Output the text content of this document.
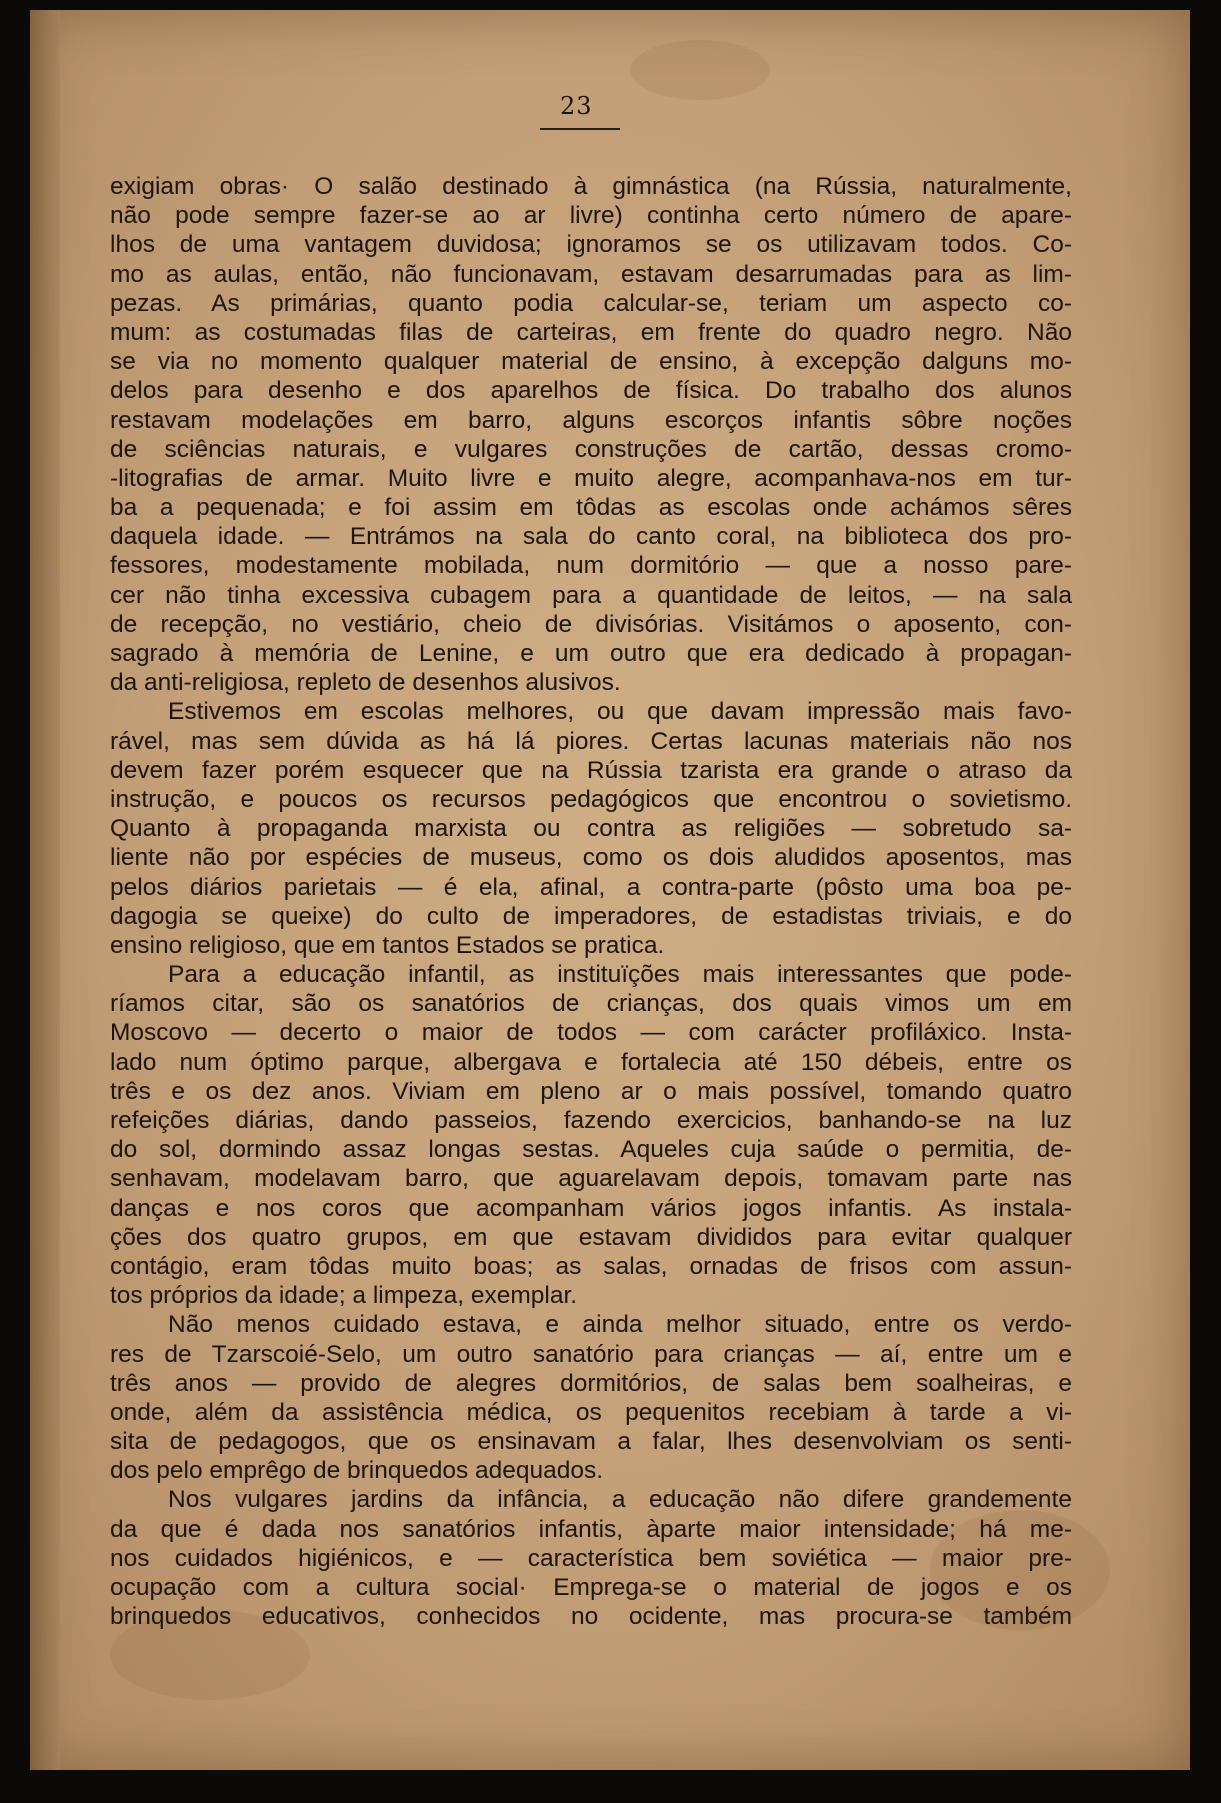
23
exigiam obras· O salão destinado à gimnástica (na Rússia, naturalmente,
não pode sempre fazer-se ao ar livre) continha certo número de apare-
lhos de uma vantagem duvidosa; ignoramos se os utilizavam todos. Co-
mo as aulas, então, não funcionavam, estavam desarrumadas para as lim-
pezas. As primárias, quanto podia calcular-se, teriam um aspecto co-
mum: as costumadas filas de carteiras, em frente do quadro negro. Não
se via no momento qualquer material de ensino, à excepção dalguns mo-
delos para desenho e dos aparelhos de física. Do trabalho dos alunos
restavam modelações em barro, alguns escorços infantis sôbre noções
de sciências naturais, e vulgares construções de cartão, dessas cromo-
-litografias de armar. Muito livre e muito alegre, acompanhava-nos em tur-
ba a pequenada; e foi assim em tôdas as escolas onde achámos sêres
daquela idade. — Entrámos na sala do canto coral, na biblioteca dos pro-
fessores, modestamente mobilada, num dormitório — que a nosso pare-
cer não tinha excessiva cubagem para a quantidade de leitos, — na sala
de recepção, no vestiário, cheio de divisórias. Visitámos o aposento, con-
sagrado à memória de Lenine, e um outro que era dedicado à propagan-
da anti-religiosa, repleto de desenhos alusivos.
Estivemos em escolas melhores, ou que davam impressão mais favo-
rável, mas sem dúvida as há lá piores. Certas lacunas materiais não nos
devem fazer porém esquecer que na Rússia tzarista era grande o atraso da
instrução, e poucos os recursos pedagógicos que encontrou o sovietismo.
Quanto à propaganda marxista ou contra as religiões — sobretudo sa-
liente não por espécies de museus, como os dois aludidos aposentos, mas
pelos diários parietais — é ela, afinal, a contra-parte (pôsto uma boa pe-
dagogia se queixe) do culto de imperadores, de estadistas triviais, e do
ensino religioso, que em tantos Estados se pratica.
Para a educação infantil, as instituïções mais interessantes que pode-
ríamos citar, são os sanatórios de crianças, dos quais vimos um em
Moscovo — decerto o maior de todos — com carácter profiláxico. Insta-
lado num óptimo parque, albergava e fortalecia até 150 débeis, entre os
três e os dez anos. Viviam em pleno ar o mais possível, tomando quatro
refeições diárias, dando passeios, fazendo exercicios, banhando-se na luz
do sol, dormindo assaz longas sestas. Aqueles cuja saúde o permitia, de-
senhavam, modelavam barro, que aguarelavam depois, tomavam parte nas
danças e nos coros que acompanham vários jogos infantis. As instala-
ções dos quatro grupos, em que estavam divididos para evitar qualquer
contágio, eram tôdas muito boas; as salas, ornadas de frisos com assun-
tos próprios da idade; a limpeza, exemplar.
Não menos cuidado estava, e ainda melhor situado, entre os verdo-
res de Tzarscoié-Selo, um outro sanatório para crianças — aí, entre um e
três anos — provido de alegres dormitórios, de salas bem soalheiras, e
onde, além da assistência médica, os pequenitos recebiam à tarde a vi-
sita de pedagogos, que os ensinavam a falar, lhes desenvolviam os senti-
dos pelo emprêgo de brinquedos adequados.
Nos vulgares jardins da infância, a educação não difere grandemente
da que é dada nos sanatórios infantis, àparte maior intensidade; há me-
nos cuidados higiénicos, e — característica bem soviética — maior pre-
ocupação com a cultura social· Emprega-se o material de jogos e os
brinquedos educativos, conhecidos no ocidente, mas procura-se também
